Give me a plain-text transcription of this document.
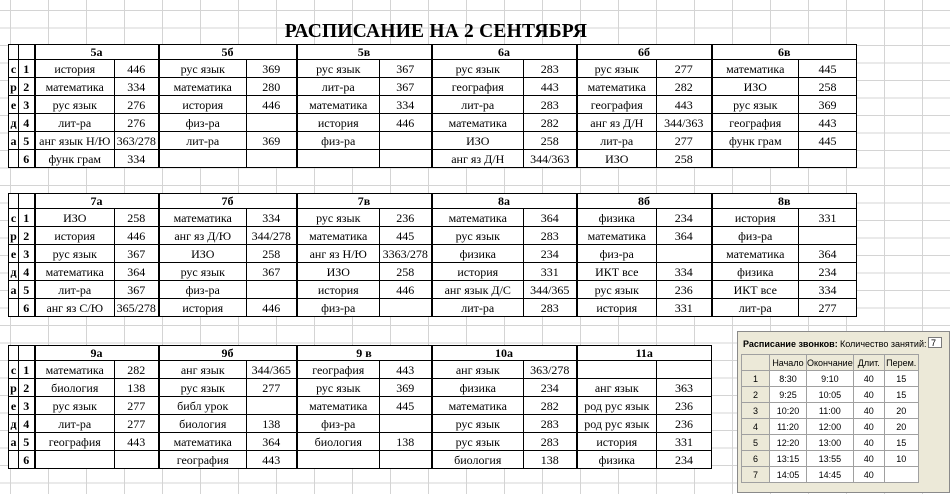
РАСПИСАНИЕ НА 2 СЕНТЯБРЯ
		5а		5б		5в		6а		6б		6в	
с	1	история	446	рус язык	369	рус язык	367	рус язык	283	рус язык	277	математика	445
р	2	математика	334	математика	280	лит-ра	367	география	443	математика	282	ИЗО	258
е	3	рус язык	276	история	446	математика	334	лит-ра	283	география	443	рус язык	369
д	4	лит-ра	276	физ-ра		история	446	математика	282	анг яз Д/Н	344/363	география	443
а	5	анг язык Н/Ю	363/278	лит-ра	369	физ-ра		ИЗО	258	лит-ра	277	функ грам	445
	6	функ грам	334					анг яз Д/Н	344/363	ИЗО	258		
		7а		7б		7в		8а		8б		8в	
с	1	ИЗО	258	математика	334	рус язык	236	математика	364	физика	234	история	331
р	2	история	446	анг яз Д/Ю	344/278	математика	445	рус язык	283	математика	364	физ-ра	
е	3	рус язык	367	ИЗО	258	анг яз Н/Ю	3363/278	физика	234	физ-ра		математика	364
д	4	математика	364	рус язык	367	ИЗО	258	история	331	ИКТ все	334	физика	234
а	5	лит-ра	367	физ-ра		история	446	анг язык Д/С	344/365	рус язык	236	ИКТ все	334
	6	анг яз С/Ю	365/278	история	446	физ-ра		лит-ра	283	история	331	лит-ра	277
		9а		9б		9 в		10а		11а	
с	1	математика	282	анг язык	344/365	география	443	анг язык	363/278		
р	2	биология	138	рус язык	277	рус язык	369	физика	234	анг язык	363
е	3	рус язык	277	библ урок		математика	445	математика	282	род рус язык	236
д	4	лит-ра	277	биология	138	физ-ра		рус язык	283	род рус язык	236
а	5	география	443	математика	364	биология	138	рус язык	283	история	331
	6			география	443			биология	138	физика	234
Расписание звонков: Количество занятий: 7
	Начало	Окончание	Длит.	Перем.
1	8:30	9:10	40	15
2	9:25	10:05	40	15
3	10:20	11:00	40	20
4	11:20	12:00	40	20
5	12:20	13:00	40	15
6	13:15	13:55	40	10
7	14:05	14:45	40	
